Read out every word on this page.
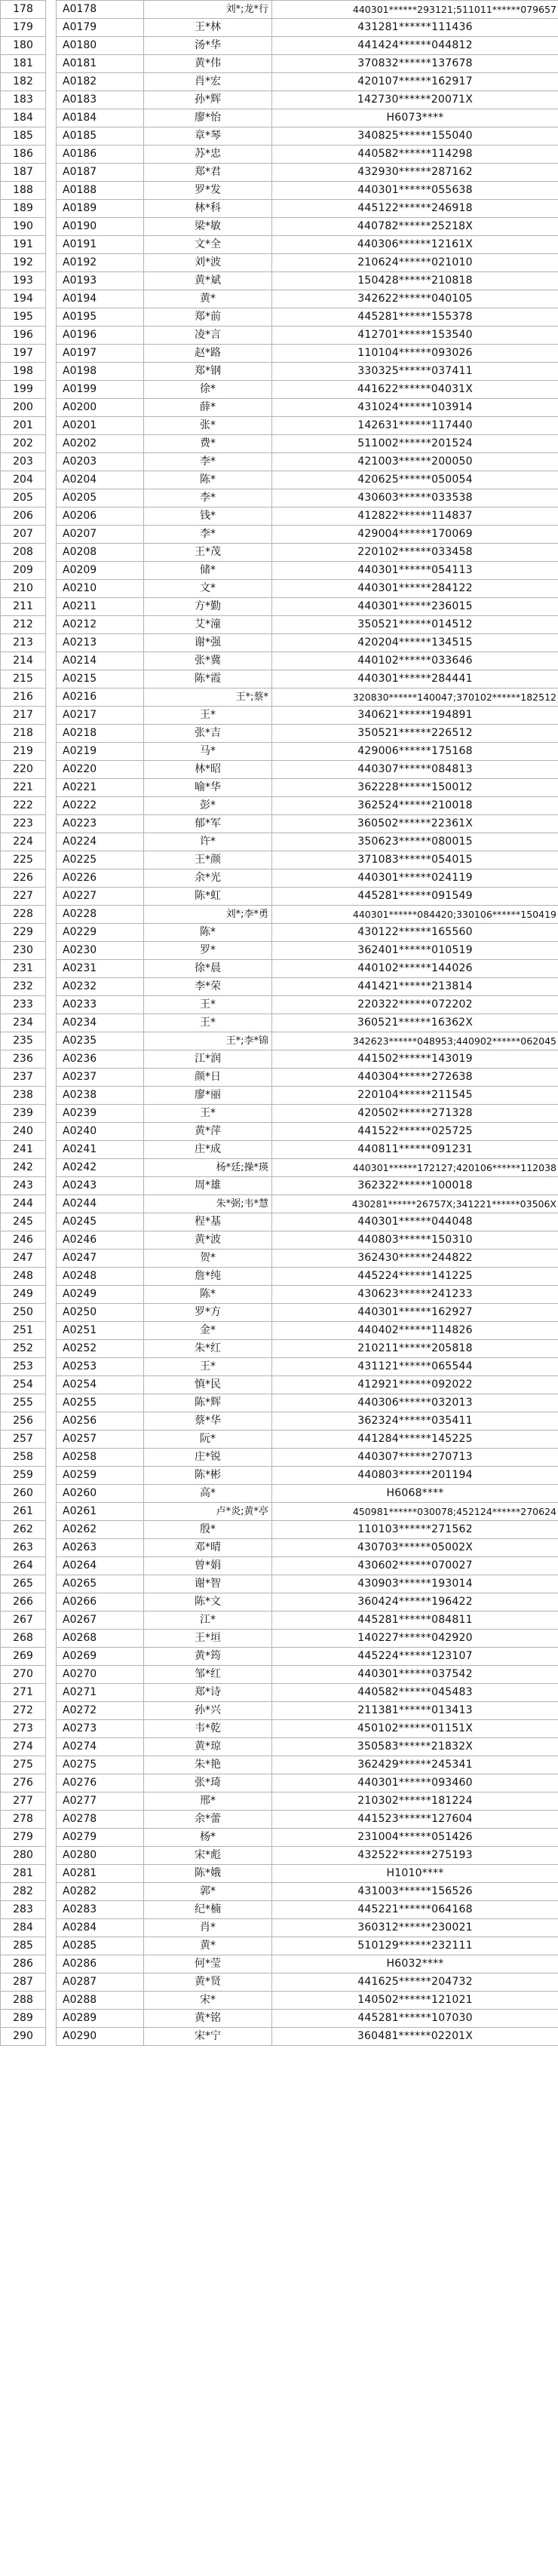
178		A0178	刘*;龙*行	440301******293121;511011******079657
179		A0179	王*林	431281******111436
180		A0180	汤*华	441424******044812
181		A0181	黄*伟	370832******137678
182		A0182	肖*宏	420107******162917
183		A0183	孙*辉	142730******20071X
184		A0184	廖*怡	H6073****
185		A0185	章*琴	340825******155040
186		A0186	苏*忠	440582******114298
187		A0187	郑*君	432930******287162
188		A0188	罗*发	440301******055638
189		A0189	林*科	445122******246918
190		A0190	梁*敏	440782******25218X
191		A0191	文*全	440306******12161X
192		A0192	刘*波	210624******021010
193		A0193	黄*斌	150428******210818
194		A0194	黄*	342622******040105
195		A0195	郑*前	445281******155378
196		A0196	凌*言	412701******153540
197		A0197	赵*路	110104******093026
198		A0198	郑*钢	330325******037411
199		A0199	徐*	441622******04031X
200		A0200	薛*	431024******103914
201		A0201	张*	142631******117440
202		A0202	费*	511002******201524
203		A0203	李*	421003******200050
204		A0204	陈*	420625******050054
205		A0205	李*	430603******033538
206		A0206	钱*	412822******114837
207		A0207	李*	429004******170069
208		A0208	王*茂	220102******033458
209		A0209	储*	440301******054113
210		A0210	文*	440301******284122
211		A0211	方*勤	440301******236015
212		A0212	艾*潼	350521******014512
213		A0213	谢*强	420204******134515
214		A0214	张*冀	440102******033646
215		A0215	陈*霞	440301******284441
216		A0216	王*;蔡*	320830******140047;370102******182512
217		A0217	王*	340621******194891
218		A0218	张*吉	350521******226512
219		A0219	马*	429006******175168
220		A0220	林*昭	440307******084813
221		A0221	喻*华	362228******150012
222		A0222	彭*	362524******210018
223		A0223	郁*军	360502******22361X
224		A0224	许*	350623******080015
225		A0225	王*颜	371083******054015
226		A0226	余*光	440301******024119
227		A0227	陈*虹	445281******091549
228		A0228	刘*;李*勇	440301******084420;330106******150419
229		A0229	陈*	430122******165560
230		A0230	罗*	362401******010519
231		A0231	徐*晨	440102******144026
232		A0232	李*荣	441421******213814
233		A0233	王*	220322******072202
234		A0234	王*	360521******16362X
235		A0235	王*;李*锦	342623******048953;440902******062045
236		A0236	江*润	441502******143019
237		A0237	颜*日	440304******272638
238		A0238	廖*丽	220104******211545
239		A0239	王*	420502******271328
240		A0240	黄*萍	441522******025725
241		A0241	庄*成	440811******091231
242		A0242	杨*廷;操*瑛	440301******172127;420106******112038
243		A0243	周*雄	362322******100018
244		A0244	朱*弼;韦*慧	430281******26757X;341221******03506X
245		A0245	程*基	440301******044048
246		A0246	黄*波	440803******150310
247		A0247	贺*	362430******244822
248		A0248	詹*纯	445224******141225
249		A0249	陈*	430623******241233
250		A0250	罗*方	440301******162927
251		A0251	金*	440402******114826
252		A0252	朱*红	210211******205818
253		A0253	王*	431121******065544
254		A0254	慎*民	412921******092022
255		A0255	陈*辉	440306******032013
256		A0256	蔡*华	362324******035411
257		A0257	阮*	441284******145225
258		A0258	庄*锐	440307******270713
259		A0259	陈*彬	440803******201194
260		A0260	高*	H6068****
261		A0261	卢*炎;黄*亭	450981******030078;452124******270624
262		A0262	殷*	110103******271562
263		A0263	邓*晴	430703******05002X
264		A0264	曾*娟	430602******070027
265		A0265	谢*智	430903******193014
266		A0266	陈*文	360424******196422
267		A0267	江*	445281******084811
268		A0268	王*垣	140227******042920
269		A0269	黄*筠	445224******123107
270		A0270	邹*红	440301******037542
271		A0271	郑*诗	440582******045483
272		A0272	孙*兴	211381******013413
273		A0273	韦*乾	450102******01151X
274		A0274	黄*琼	350583******21832X
275		A0275	朱*艳	362429******245341
276		A0276	张*琦	440301******093460
277		A0277	邢*	210302******181224
278		A0278	余*蕾	441523******127604
279		A0279	杨*	231004******051426
280		A0280	宋*彪	432522******275193
281		A0281	陈*娥	H1010****
282		A0282	郭*	431003******156526
283		A0283	纪*楠	445221******064168
284		A0284	肖*	360312******230021
285		A0285	黄*	510129******232111
286		A0286	何*莹	H6032****
287		A0287	黄*贤	441625******204732
288		A0288	宋*	140502******121021
289		A0289	黄*铭	445281******107030
290		A0290	宋*宁	360481******02201X
